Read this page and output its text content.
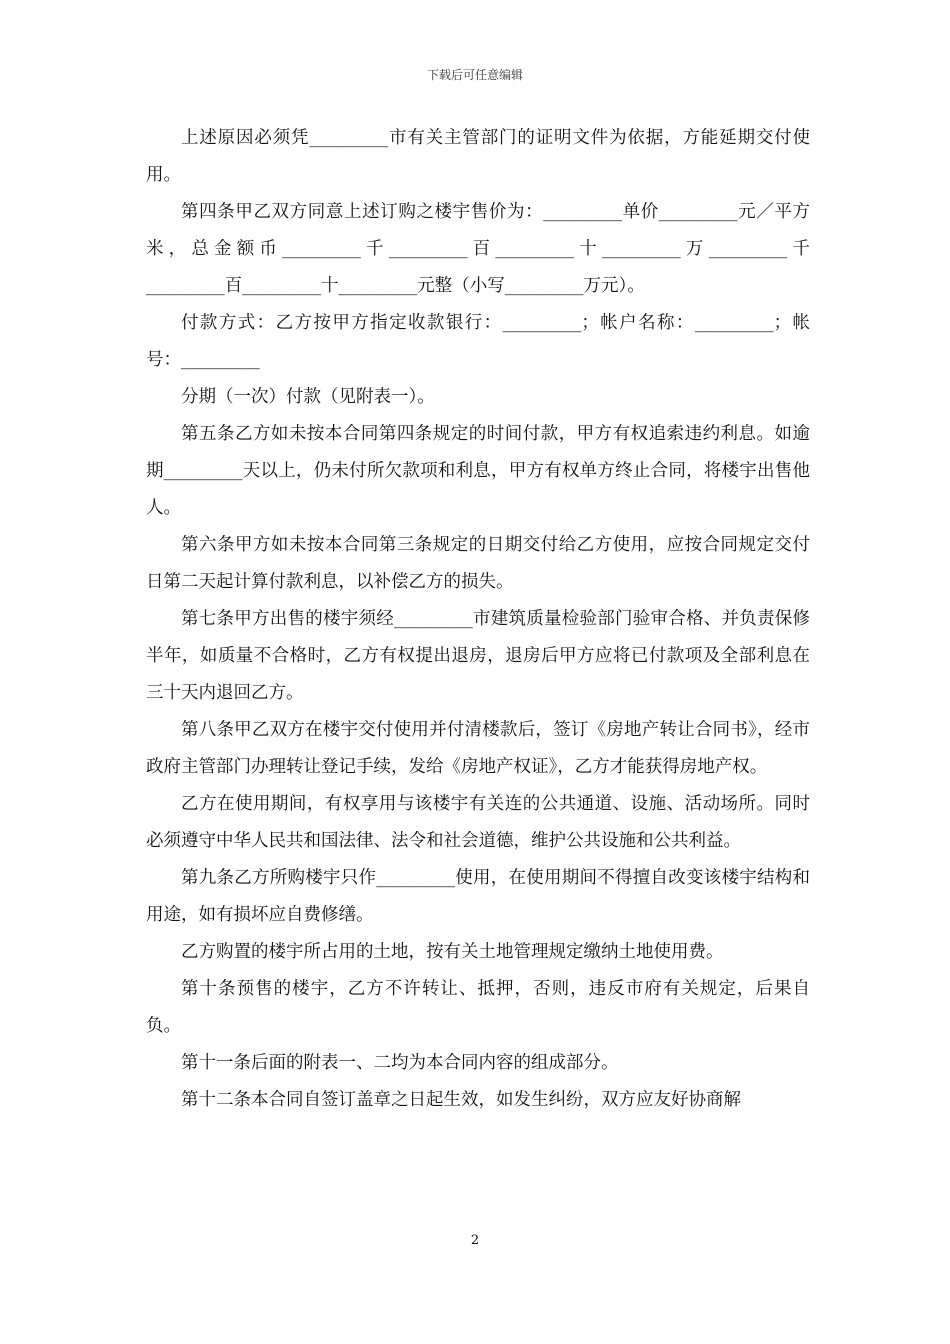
下载后可任意编辑

上述原因必须凭_________市有关主管部门的证明文件为依据，方能延期交付使用。

第四条甲乙双方同意上述订购之楼宇售价为：_________单价_________元／平方米，总金额币_________千_________百_________十_________万_________千_________百_________十_________元整（小写_________万元）。

付款方式：乙方按甲方指定收款银行：_________；帐户名称：_________；帐号：_________

分期（一次）付款（见附表一）。

第五条乙方如未按本合同第四条规定的时间付款，甲方有权追索违约利息。如逾期_________天以上，仍未付所欠款项和利息，甲方有权单方终止合同，将楼宇出售他人。

第六条甲方如未按本合同第三条规定的日期交付给乙方使用，应按合同规定交付日第二天起计算付款利息，以补偿乙方的损失。

第七条甲方出售的楼宇须经_________市建筑质量检验部门验审合格、并负责保修半年，如质量不合格时，乙方有权提出退房，退房后甲方应将已付款项及全部利息在三十天内退回乙方。

第八条甲乙双方在楼宇交付使用并付清楼款后，签订《房地产转让合同书》，经市政府主管部门办理转让登记手续，发给《房地产权证》，乙方才能获得房地产权。

乙方在使用期间，有权享用与该楼宇有关连的公共通道、设施、活动场所。同时必须遵守中华人民共和国法律、法令和社会道德，维护公共设施和公共利益。

第九条乙方所购楼宇只作_________使用，在使用期间不得擅自改变该楼宇结构和用途，如有损坏应自费修缮。

乙方购置的楼宇所占用的土地，按有关土地管理规定缴纳土地使用费。

第十条预售的楼宇，乙方不许转让、抵押，否则，违反市府有关规定，后果自负。

第十一条后面的附表一、二均为本合同内容的组成部分。

第十二条本合同自签订盖章之日起生效，如发生纠纷，双方应友好协商解

2
